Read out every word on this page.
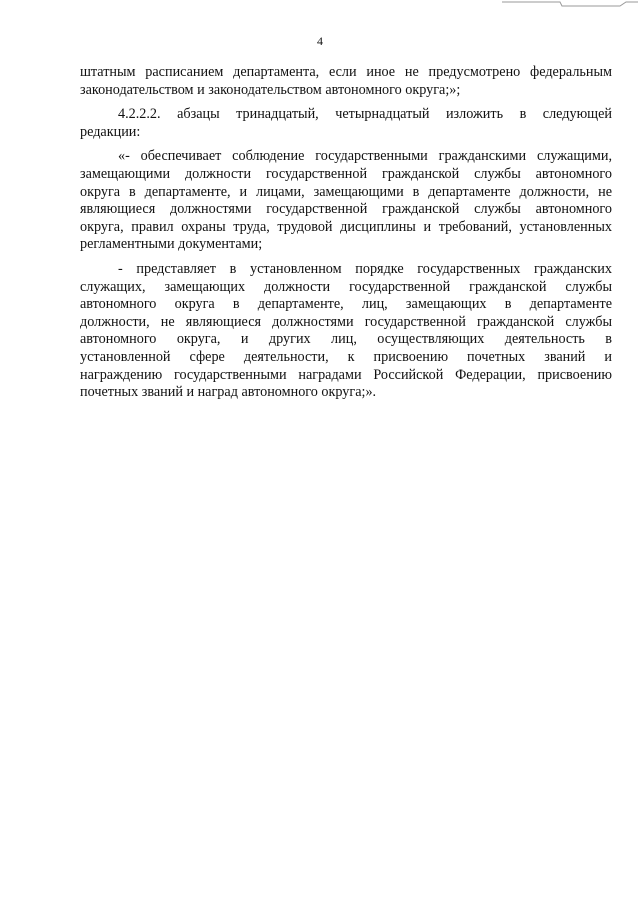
4

штатным расписанием департамента, если иное не предусмотрено федеральным
законодательством и законодательством автономного округа;»;

4.2.2.2. абзацы тринадцатый, четырнадцатый изложить в следующей
редакции:

«- обеспечивает соблюдение государственными гражданскими служащими,
замещающими должности государственной гражданской службы автономного
округа в департаменте, и лицами, замещающими в департаменте должности, не
являющиеся должностями государственной гражданской службы автономного
округа, правил охраны труда, трудовой дисциплины и требований, установленных
регламентными документами;

- представляет в установленном порядке государственных гражданских
служащих, замещающих должности государственной гражданской службы
автономного округа в департаменте, лиц, замещающих в департаменте
должности, не являющиеся должностями государственной гражданской службы
автономного округа, и других лиц, осуществляющих деятельность в
установленной сфере деятельности, к присвоению почетных званий и
награждению государственными наградами Российской Федерации, присвоению
почетных званий и наград автономного округа;».
